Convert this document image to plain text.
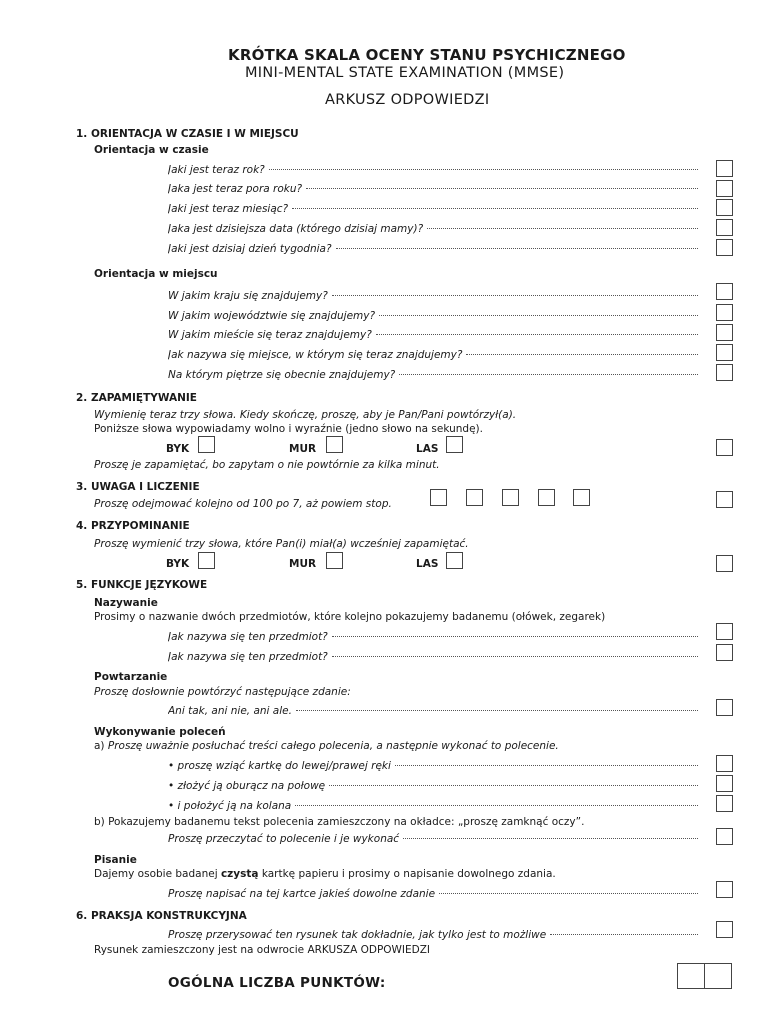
KRÓTKA SKALA OCENY STANU PSYCHICZNEGO
MINI-MENTAL STATE EXAMINATION (MMSE)
ARKUSZ ODPOWIEDZI
1. ORIENTACJA W CZASIE I W MIEJSCU
Orientacja w czasie
Jaki jest teraz rok?
Jaka jest teraz pora roku?
Jaki jest teraz miesiąc?
Jaka jest dzisiejsza data (którego dzisiaj mamy)?
Jaki jest dzisiaj dzień tygodnia?
Orientacja w miejscu
W jakim kraju się znajdujemy?
W jakim województwie się znajdujemy?
W jakim mieście się teraz znajdujemy?
Jak nazywa się miejsce, w którym się teraz znajdujemy?
Na którym piętrze się obecnie znajdujemy?
2. ZAPAMIĘTYWANIE
Wymienię teraz trzy słowa. Kiedy skończę, proszę, aby je Pan/Pani powtórzył(a).
Poniższe słowa wypowiadamy wolno i wyraźnie (jedno słowo na sekundę).
BYK	MUR	LAS
Proszę je zapamiętać, bo zapytam o nie powtórnie za kilka minut.
3. UWAGA I LICZENIE
Proszę odejmować kolejno od 100 po 7, aż powiem stop.
4. PRZYPOMINANIE
Proszę wymienić trzy słowa, które Pan(i) miał(a) wcześniej zapamiętać.
BYK	MUR	LAS
5. FUNKCJE JĘZYKOWE
Nazywanie
Prosimy o nazwanie dwóch przedmiotów, które kolejno pokazujemy badanemu (ołówek, zegarek)
Jak nazywa się ten przedmiot?
Jak nazywa się ten przedmiot?
Powtarzanie
Proszę dosłownie powtórzyć następujące zdanie:
Ani tak, ani nie, ani ale.
Wykonywanie poleceń
a) Proszę uważnie posłuchać treści całego polecenia, a następnie wykonać to polecenie.
• proszę wziąć kartkę do lewej/prawej ręki
• złożyć ją oburącz na połowę
• i położyć ją na kolana
b) Pokazujemy badanemu tekst polecenia zamieszczony na okładce: „proszę zamknąć oczy”.
Proszę przeczytać to polecenie i je wykonać
Pisanie
Dajemy osobie badanej czystą kartkę papieru i prosimy o napisanie dowolnego zdania.
Proszę napisać na tej kartce jakieś dowolne zdanie
6. PRAKSJA KONSTRUKCYJNA
Proszę przerysować ten rysunek tak dokładnie, jak tylko jest to możliwe
Rysunek zamieszczony jest na odwrocie ARKUSZA ODPOWIEDZI
OGÓLNA LICZBA PUNKTÓW:
